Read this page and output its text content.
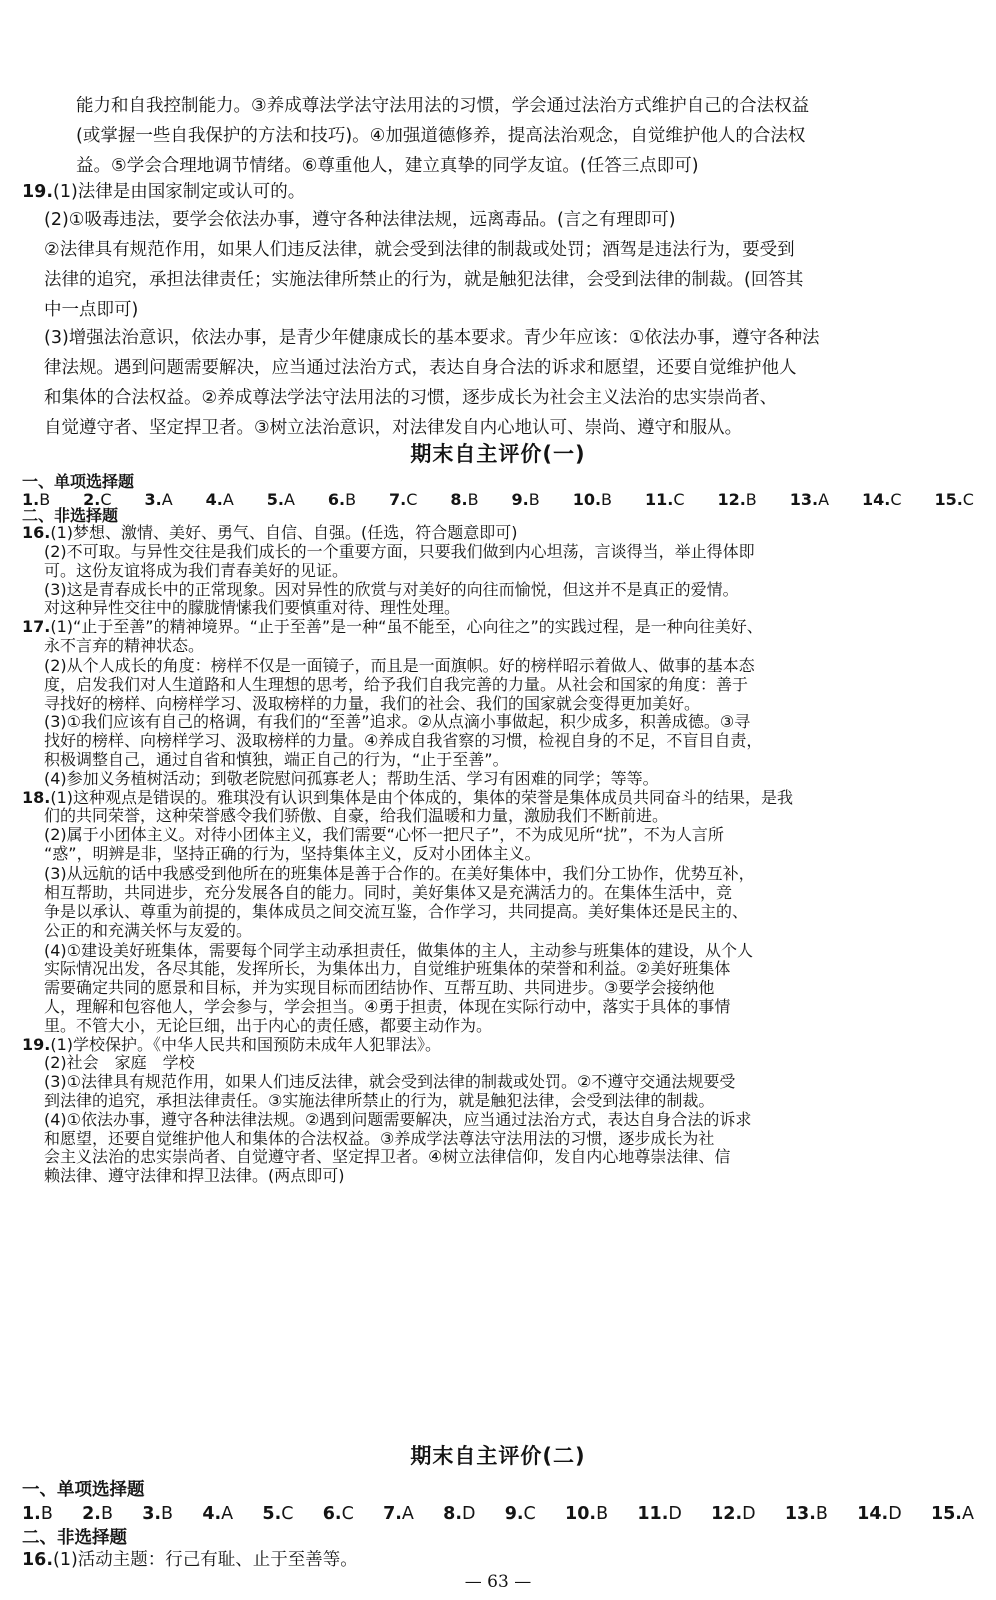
能力和自我控制能力。③养成尊法学法守法用法的习惯，学会通过法治方式维护自己的合法权益
(或掌握一些自我保护的方法和技巧)。④加强道德修养，提高法治观念，自觉维护他人的合法权
益。⑤学会合理地调节情绪。⑥尊重他人，建立真挚的同学友谊。(任答三点即可)
19.(1)法律是由国家制定或认可的。
(2)①吸毒违法，要学会依法办事，遵守各种法律法规，远离毒品。(言之有理即可)
②法律具有规范作用，如果人们违反法律，就会受到法律的制裁或处罚；酒驾是违法行为，要受到
法律的追究，承担法律责任；实施法律所禁止的行为，就是触犯法律，会受到法律的制裁。(回答其
中一点即可)
(3)增强法治意识，依法办事，是青少年健康成长的基本要求。青少年应该：①依法办事，遵守各种法
律法规。遇到问题需要解决，应当通过法治方式，表达自身合法的诉求和愿望，还要自觉维护他人
和集体的合法权益。②养成尊法学法守法用法的习惯，逐步成长为社会主义法治的忠实崇尚者、
自觉遵守者、坚定捍卫者。③树立法治意识，对法律发自内心地认可、崇尚、遵守和服从。
期末自主评价(一)
一、单项选择题
1.B 2.C 3.A 4.A 5.A 6.B 7.C 8.B 9.B 10.B 11.C 12.B 13.A 14.C 15.C
二、非选择题
16.(1)梦想、激情、美好、勇气、自信、自强。(任选，符合题意即可)
(2)不可取。与异性交往是我们成长的一个重要方面，只要我们做到内心坦荡，言谈得当，举止得体即
可。这份友谊将成为我们青春美好的见证。
(3)这是青春成长中的正常现象。因对异性的欣赏与对美好的向往而愉悦，但这并不是真正的爱情。
对这种异性交往中的朦胧情愫我们要慎重对待、理性处理。
17.(1)“止于至善”的精神境界。“止于至善”是一种“虽不能至，心向往之”的实践过程，是一种向往美好、
永不言弃的精神状态。
(2)从个人成长的角度：榜样不仅是一面镜子，而且是一面旗帜。好的榜样昭示着做人、做事的基本态
度，启发我们对人生道路和人生理想的思考，给予我们自我完善的力量。从社会和国家的角度：善于
寻找好的榜样、向榜样学习、汲取榜样的力量，我们的社会、我们的国家就会变得更加美好。
(3)①我们应该有自己的格调，有我们的“至善”追求。②从点滴小事做起，积少成多，积善成德。③寻
找好的榜样、向榜样学习、汲取榜样的力量。④养成自我省察的习惯，检视自身的不足，不盲目自责，
积极调整自己，通过自省和慎独，端正自己的行为，“止于至善”。
(4)参加义务植树活动；到敬老院慰问孤寡老人；帮助生活、学习有困难的同学；等等。
18.(1)这种观点是错误的。雅琪没有认识到集体是由个体成的，集体的荣誉是集体成员共同奋斗的结果，是我
们的共同荣誉，这种荣誉感令我们骄傲、自豪，给我们温暖和力量，激励我们不断前进。
(2)属于小团体主义。对待小团体主义，我们需要“心怀一把尺子”，不为成见所“扰”，不为人言所
“惑”，明辨是非，坚持正确的行为，坚持集体主义，反对小团体主义。
(3)从远航的话中我感受到他所在的班集体是善于合作的。在美好集体中，我们分工协作，优势互补，
相互帮助，共同进步，充分发展各自的能力。同时，美好集体又是充满活力的。在集体生活中，竞
争是以承认、尊重为前提的，集体成员之间交流互鉴，合作学习，共同提高。美好集体还是民主的、
公正的和充满关怀与友爱的。
(4)①建设美好班集体，需要每个同学主动承担责任，做集体的主人，主动参与班集体的建设，从个人
实际情况出发，各尽其能，发挥所长，为集体出力，自觉维护班集体的荣誉和利益。②美好班集体
需要确定共同的愿景和目标，并为实现目标而团结协作、互帮互助、共同进步。③要学会接纳他
人，理解和包容他人，学会参与，学会担当。④勇于担责，体现在实际行动中，落实于具体的事情
里。不管大小，无论巨细，出于内心的责任感，都要主动作为。
19.(1)学校保护。《中华人民共和国预防未成年人犯罪法》。
(2)社会　家庭　学校
(3)①法律具有规范作用，如果人们违反法律，就会受到法律的制裁或处罚。②不遵守交通法规要受
到法律的追究，承担法律责任。③实施法律所禁止的行为，就是触犯法律，会受到法律的制裁。
(4)①依法办事，遵守各种法律法规。②遇到问题需要解决，应当通过法治方式，表达自身合法的诉求
和愿望，还要自觉维护他人和集体的合法权益。③养成学法尊法守法用法的习惯，逐步成长为社
会主义法治的忠实崇尚者、自觉遵守者、坚定捍卫者。④树立法律信仰，发自内心地尊崇法律、信
赖法律、遵守法律和捍卫法律。(两点即可)
期末自主评价(二)
一、单项选择题
1.B 2.B 3.B 4.A 5.C 6.C 7.A 8.D 9.C 10.B 11.D 12.D 13.B 14.D 15.A
二、非选择题
16.(1)活动主题：行己有耻、止于至善等。
— 63 —
